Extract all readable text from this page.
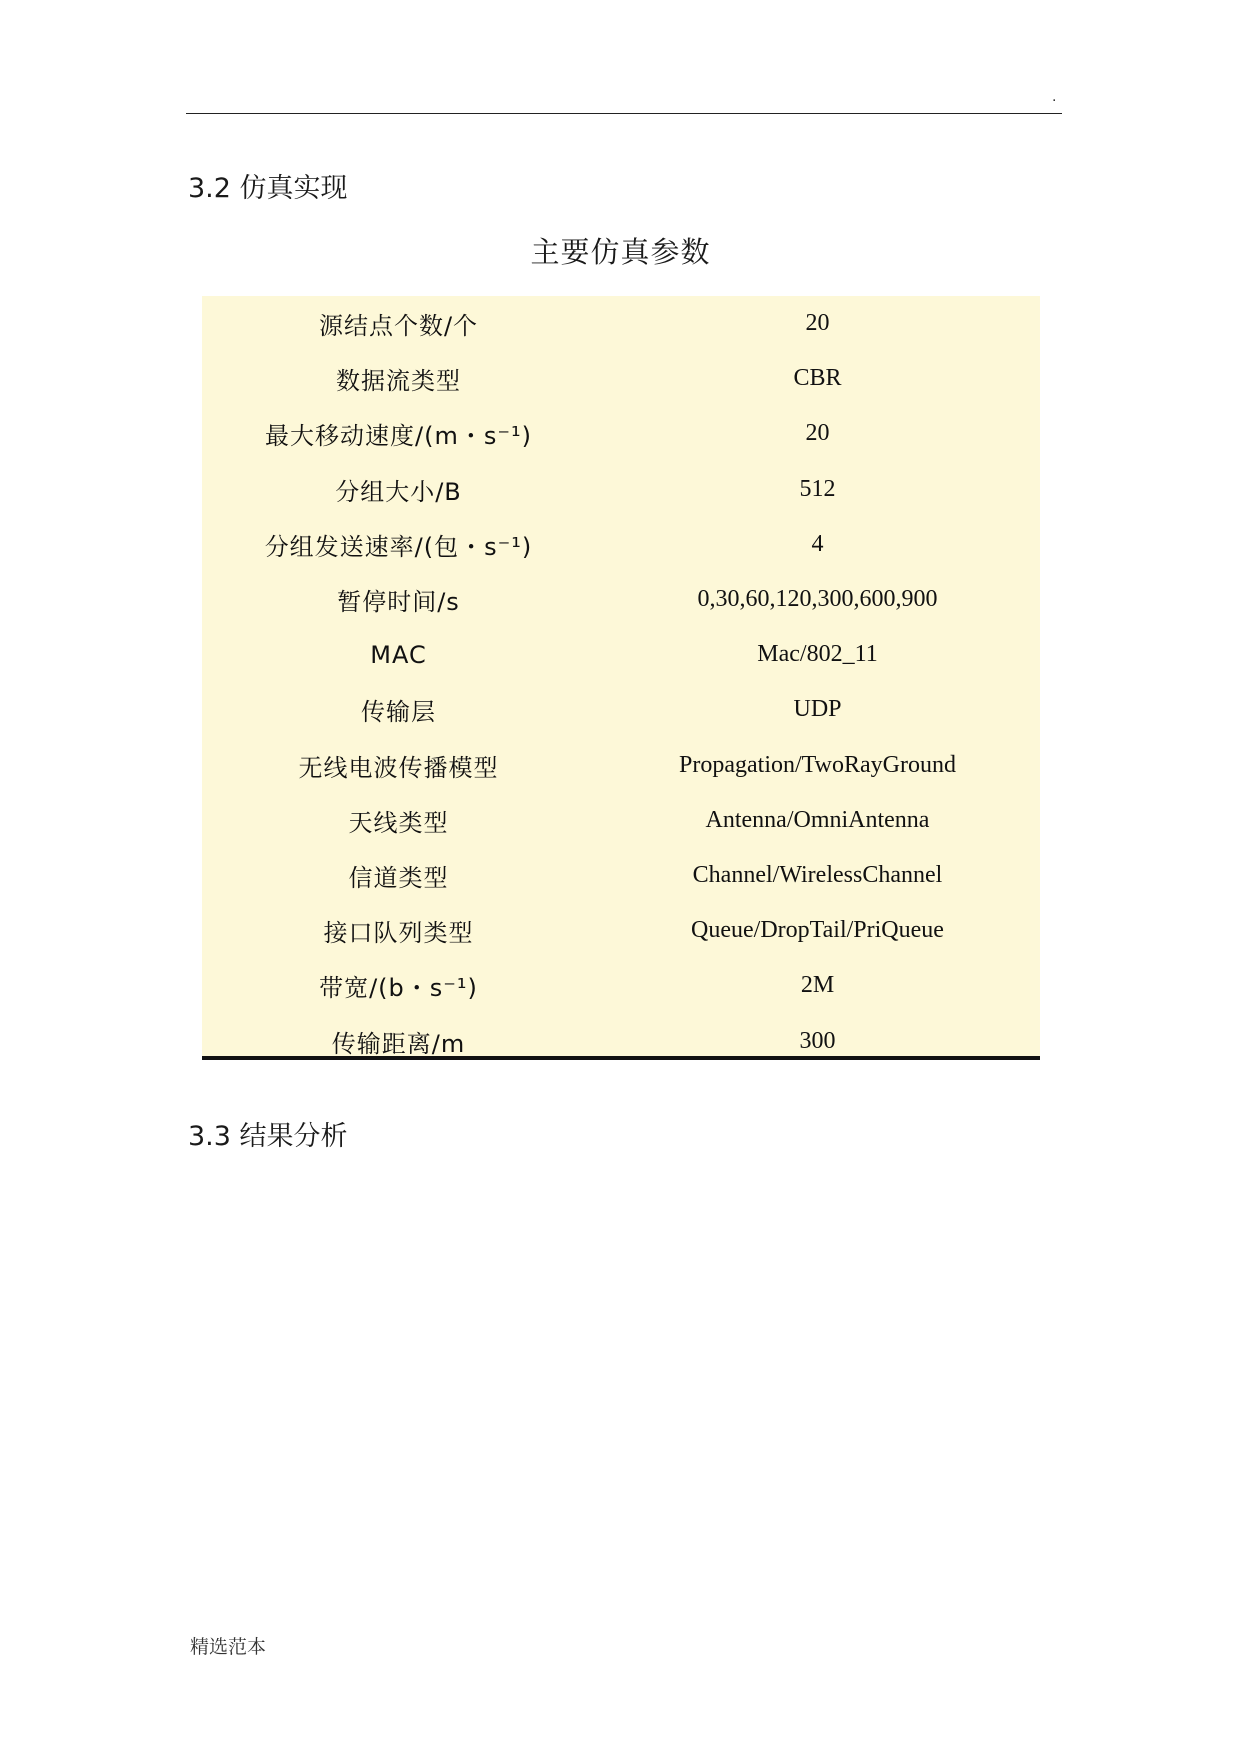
.
3.2 仿真实现
主要仿真参数
源结点个数/个	20
数据流类型	CBR
最大移动速度/(m・s⁻¹)	20
分组大小/B	512
分组发送速率/(包・s⁻¹)	4
暂停时间/s	0,30,60,120,300,600,900
MAC	Mac/802_11
传输层	UDP
无线电波传播模型	Propagation/TwoRayGround
天线类型	Antenna/OmniAntenna
信道类型	Channel/WirelessChannel
接口队列类型	Queue/DropTail/PriQueue
带宽/(b・s⁻¹)	2M
传输距离/m	300
3.3 结果分析
精选范本
